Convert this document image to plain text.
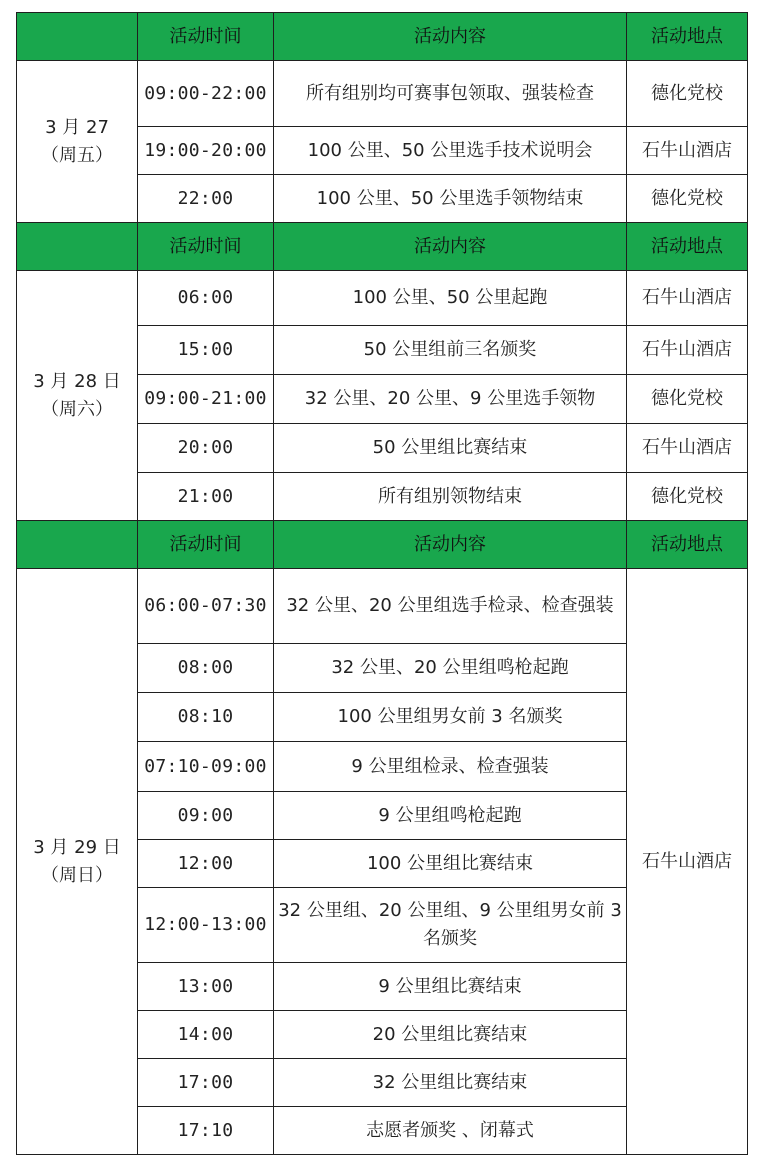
	活动时间	活动内容	活动地点

3 月 27
（周五）	09:00-22:00	所有组别均可赛事包领取、强装检查	德化党校
	19:00-20:00	100 公里、50 公里选手技术说明会	石牛山酒店
	22:00	100 公里、50 公里选手领物结束	德化党校
	活动时间	活动内容	活动地点

3 月 28 日
（周六）	06:00	100 公里、50 公里起跑	石牛山酒店
	15:00	50 公里组前三名颁奖	石牛山酒店
	09:00-21:00	32 公里、20 公里、9 公里选手领物	德化党校
	20:00	50 公里组比赛结束	石牛山酒店
	21:00	所有组别领物结束	德化党校
	活动时间	活动内容	活动地点

3 月 29 日
（周日）	06:00-07:30	32 公里、20 公里组选手检录、检查强装	石牛山酒店
	08:00	32 公里、20 公里组鸣枪起跑	
	08:10	100 公里组男女前 3 名颁奖	
	07:10-09:00	9 公里组检录、检查强装	
	09:00	9 公里组鸣枪起跑	
	12:00	100 公里组比赛结束	
	12:00-13:00	32 公里组、20 公里组、9 公里组男女前 3 名颁奖	
	13:00	9 公里组比赛结束	
	14:00	20 公里组比赛结束	
	17:00	32 公里组比赛结束	
	17:10	志愿者颁奖 、闭幕式	
